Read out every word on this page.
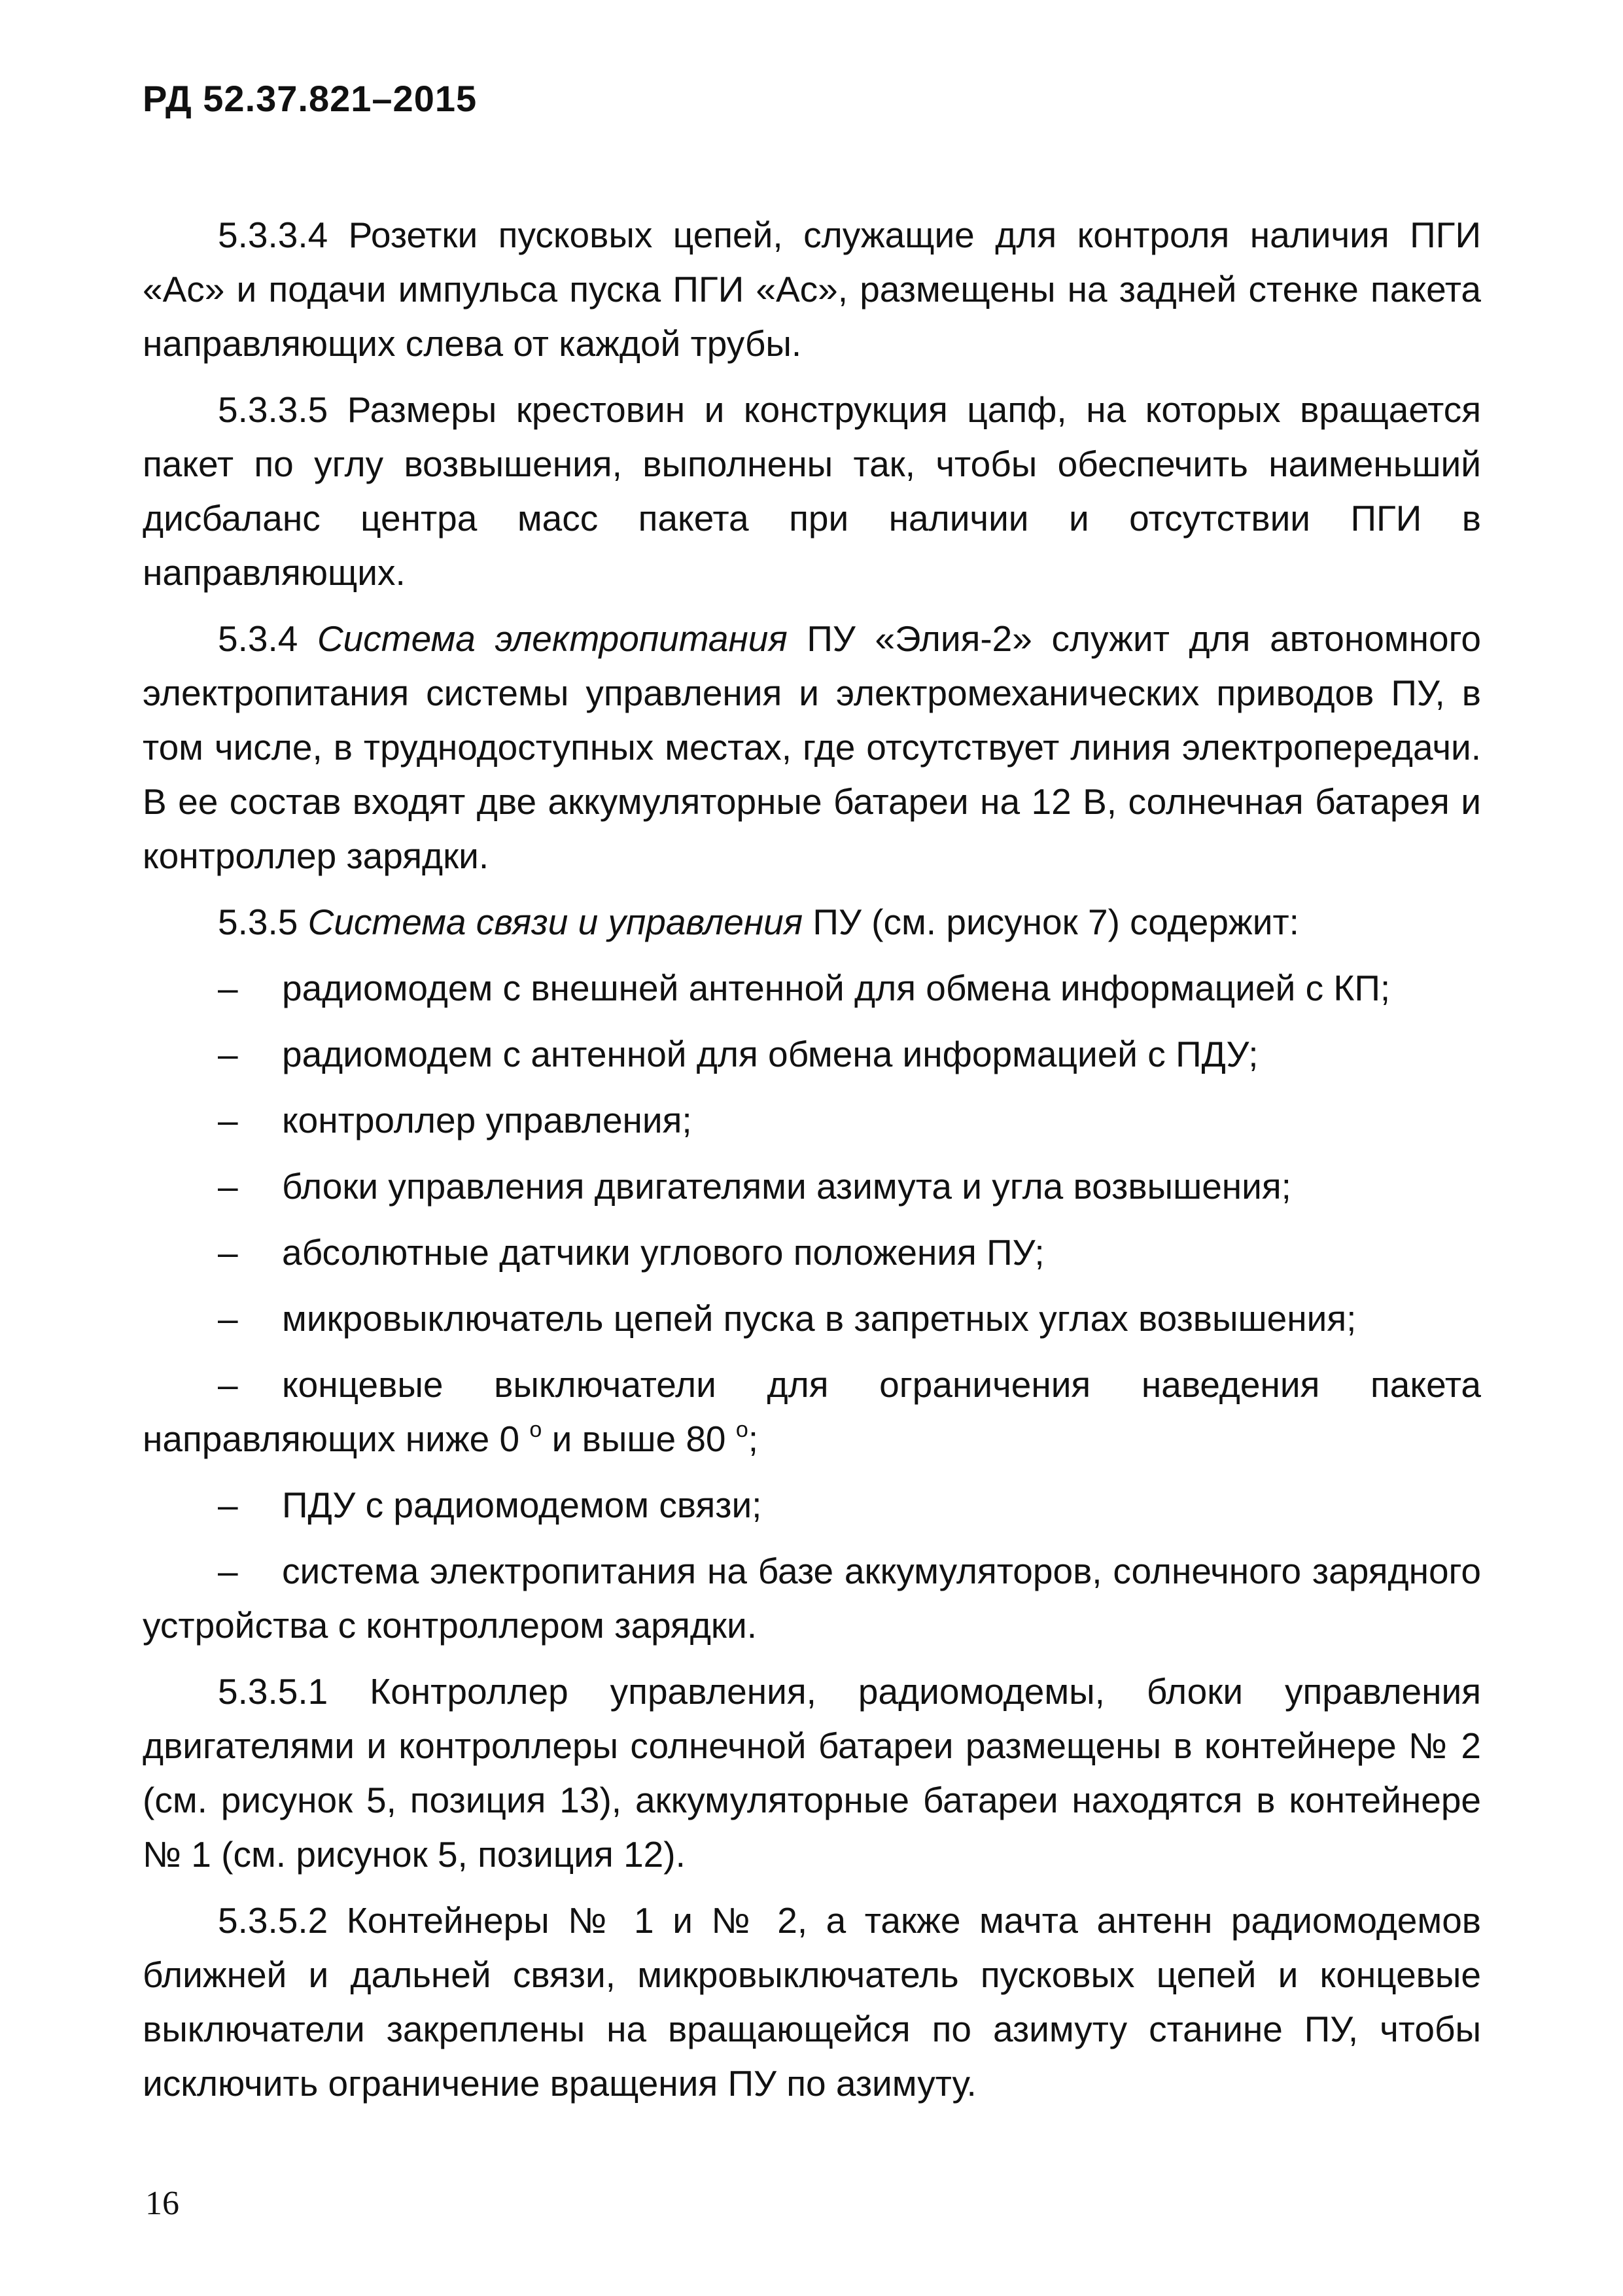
РД 52.37.821–2015

5.3.3.4 Розетки пусковых цепей, служащие для контроля наличия ПГИ «Ас» и подачи импульса пуска ПГИ «Ас», размещены на задней стенке пакета направляющих слева от каждой трубы.

5.3.3.5 Размеры крестовин и конструкция цапф, на которых вращается пакет по углу возвышения, выполнены так, чтобы обеспечить наименьший дисбаланс центра масс пакета при наличии и отсутствии ПГИ в направляющих.

5.3.4 Система электропитания ПУ «Элия-2» служит для автономного электропитания системы управления и электромеханических приводов ПУ, в том числе, в труднодоступных местах, где отсутствует линия электропередачи. В ее состав входят две аккумуляторные батареи на 12 В, солнечная батарея и контроллер зарядки.

5.3.5 Система связи и управления ПУ (см. рисунок 7) содержит:

–	радиомодем с внешней антенной для обмена информацией с КП;
–	радиомодем с антенной для обмена информацией с ПДУ;
–	контроллер управления;
–	блоки управления двигателями азимута и угла возвышения;
–	абсолютные датчики углового положения ПУ;
–	микровыключатель цепей пуска в запретных углах возвышения;
– концевые выключатели для ограничения наведения пакета направляющих ниже 0 $^о$ и выше 80 $^о$;
–	ПДУ с радиомодемом связи;
– система электропитания на базе аккумуляторов, солнечного зарядного устройства с контроллером зарядки.

5.3.5.1 Контроллер управления, радиомодемы, блоки управления двигателями и контроллеры солнечной батареи размещены в контейнере № 2 (см. рисунок 5, позиция 13), аккумуляторные батареи находятся в контейнере № 1 (см. рисунок 5, позиция 12).

5.3.5.2 Контейнеры № 1 и № 2, а также мачта антенн радиомодемов ближней и дальней связи, микровыключатель пусковых цепей и концевые выключатели закреплены на вращающейся по азимуту станине ПУ, чтобы исключить ограничение вращения ПУ по азимуту.

16
